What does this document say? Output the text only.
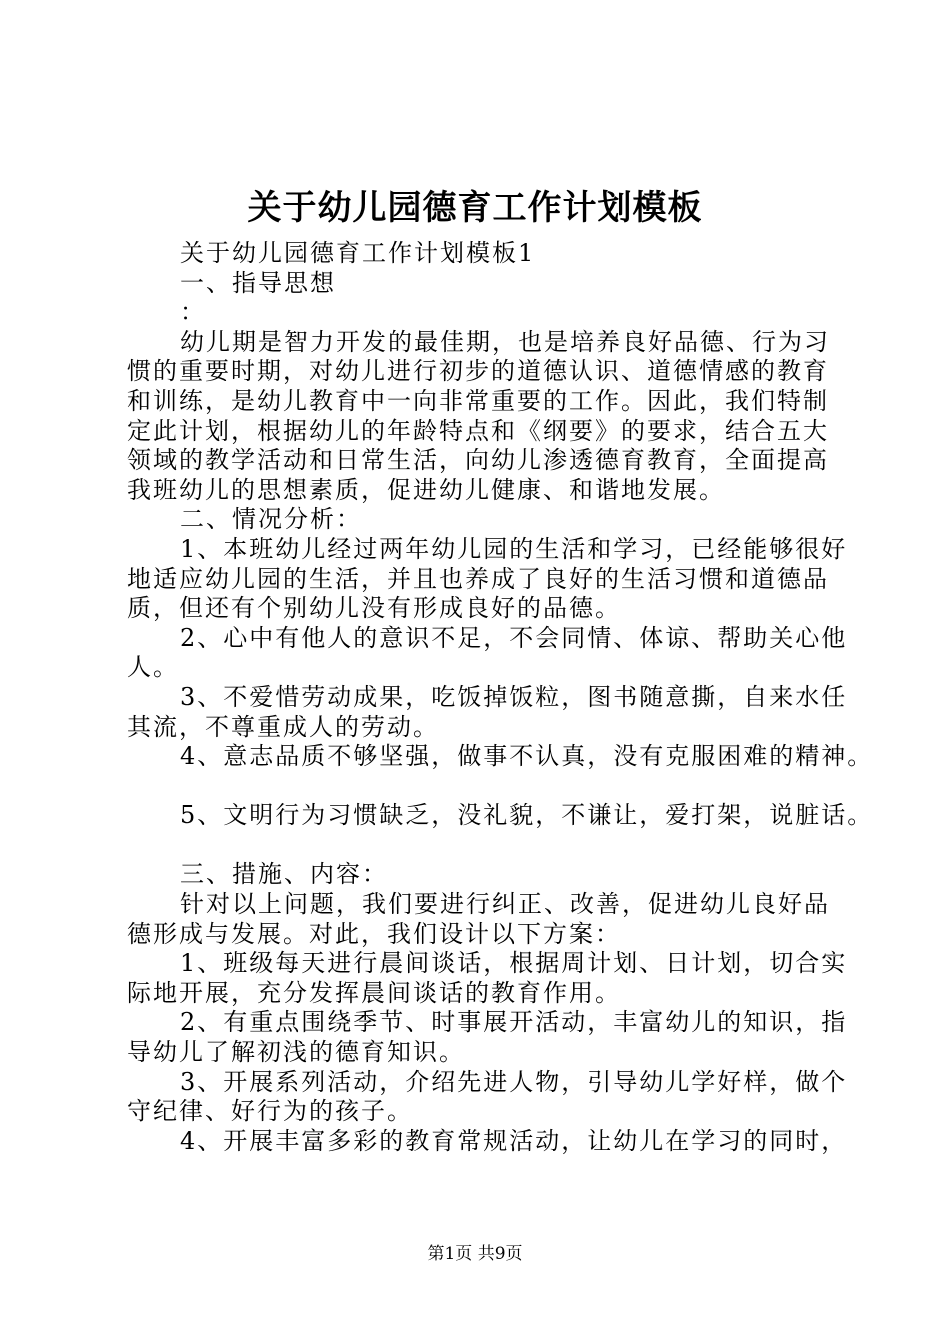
关于幼儿园德育工作计划模板
关于幼儿园德育工作计划模板1
一、指导思想
：
幼儿期是智力开发的最佳期，也是培养良好品德、行为习
惯的重要时期，对幼儿进行初步的道德认识、道德情感的教育
和训练，是幼儿教育中一向非常重要的工作。因此，我们特制
定此计划，根据幼儿的年龄特点和《纲要》的要求，结合五大
领域的教学活动和日常生活，向幼儿渗透德育教育，全面提高
我班幼儿的思想素质，促进幼儿健康、和谐地发展。
二、情况分析：
1、本班幼儿经过两年幼儿园的生活和学习，已经能够很好
地适应幼儿园的生活，并且也养成了良好的生活习惯和道德品
质，但还有个别幼儿没有形成良好的品德。
2、心中有他人的意识不足，不会同情、体谅、帮助关心他
人。
3、不爱惜劳动成果，吃饭掉饭粒，图书随意撕，自来水任
其流，不尊重成人的劳动。
4、意志品质不够坚强，做事不认真，没有克服困难的精神。
5、文明行为习惯缺乏，没礼貌，不谦让，爱打架，说脏话。
三、措施、内容：
针对以上问题，我们要进行纠正、改善，促进幼儿良好品
德形成与发展。对此，我们设计以下方案：
1、班级每天进行晨间谈话，根据周计划、日计划，切合实
际地开展，充分发挥晨间谈话的教育作用。
2、有重点围绕季节、时事展开活动，丰富幼儿的知识，指
导幼儿了解初浅的德育知识。
3、开展系列活动，介绍先进人物，引导幼儿学好样，做个
守纪律、好行为的孩子。
4、开展丰富多彩的教育常规活动，让幼儿在学习的同时，
第1页 共9页
